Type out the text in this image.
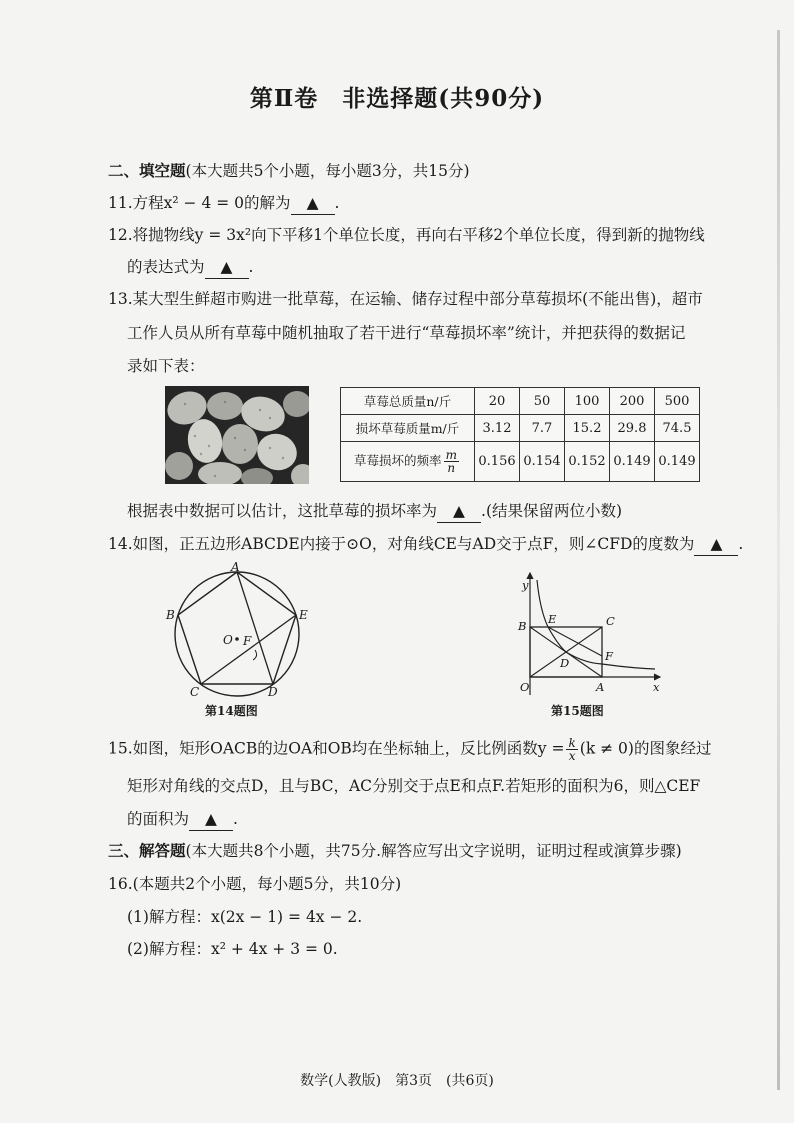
第Ⅱ卷　非选择题(共90分)
二、填空题(本大题共5个小题，每小题3分，共15分)
11.方程x² − 4 = 0的解为 ▲ .
12.将抛物线y = 3x²向下平移1个单位长度，再向右平移2个单位长度，得到新的抛物线
的表达式为 ▲ .
13.某大型生鲜超市购进一批草莓，在运输、储存过程中部分草莓损坏(不能出售)，超市
工作人员从所有草莓中随机抽取了若干进行“草莓损坏率”统计，并把获得的数据记
录如下表：
草莓总质量n/斤	20	50	100	200	500
损坏草莓质量m/斤	3.12	7.7	15.2	29.8	74.5
草莓损坏的频率 $\frac{m}{n}$	0.156	0.154	0.152	0.149	0.149
根据表中数据可以估计，这批草莓的损坏率为 ▲ .(结果保留两位小数)
14.如图，正五边形ABCDE内接于⊙O，对角线CE与AD交于点F，则∠CFD的度数为 ▲ .
A
B
C	D
E
O F
第14题图
y
x
O	A
B	C
D
E
F
第15题图
15.如图，矩形OACB的边OA和OB均在坐标轴上，反比例函数$y = \frac{k}{x} (k \ne 0)$的图象经过
矩形对角线的交点D，且与BC，AC分别交于点E和点F.若矩形的面积为6，则△CEF
的面积为 ▲ .
三、解答题(本大题共8个小题，共75分.解答应写出文字说明，证明过程或演算步骤)
16.(本题共2个小题，每小题5分，共10分)
(1)解方程：x(2x − 1) = 4x − 2.
(2)解方程：x² + 4x + 3 = 0.
数学(人教版)　第3页　(共6页)
